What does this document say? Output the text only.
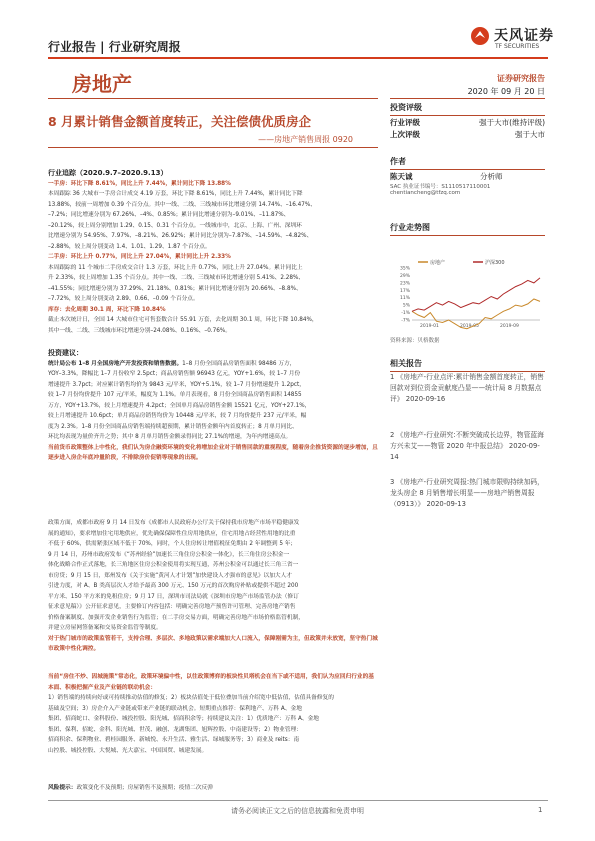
行业报告 | 行业研究周报
天风证券
TF SECURITIES
房地产	证券研究报告
2020 年 09 月 20 日
8 月累计销售金额首度转正，关注偿债优质房企
——房地产销售周报 0920
行业追踪（2020.9.7–2020.9.13）
一手房：环比下降 8.61%，同比上升 7.44%，累计同比下降 13.88%
本周跟踪 36 大城市一手房合计成交 4.19 万套，环比下降 8.61%，同比上升 7.44%，累计同比下降
13.88%，较前一周增加 0.39 个百分点。其中一线、二线、三线城市环比增速分别 14.74%、–16.47%、
–7.2%；同比增速分别为 67.26%、–4%、0.85%；累计同比增速分别为–9.01%、–11.87%、
–20.12%，较上周分别增加 1.29、0.15、0.31 个百分点。一线城市中，北京、上海、广州、深圳环
比增速分别为 54.95%、7.97%、–8.21%、26.92%；累计同比分别为–7.87%、–14.59%、–4.82%、
–2.88%，较上周分别变动 1.4、1.01、1.29、1.87 个百分点。
二手房：环比上升 0.77%，同比上升 27.04%，累计同比上升 2.33%
本周跟踪的 11 个城市二手房成交合计 1.3 万套，环比上升 0.77%，同比上升 27.04%。累计同比上
升 2.33%，较上周增加 1.35 个百分点。其中一线、二线、三线城市环比增速分别 5.41%、2.28%、
–41.55%；同比增速分别为 37.29%、21.18%、0.81%；累计同比增速分别为 20.66%、–8.8%、
–7.72%，较上周分别变动 2.89、0.66、–0.09 个百分点。
库存：去化周期 30.1 周，环比下降 10.84%
截止本次统计日，全国 14 大城市住宅可售套数合计 55.91 万套，去化周期 30.1 周，环比下降 10.84%，
其中一线、二线、三线城市环比增速分别–24.08%、0.16%、–0.76%。
投资建议：
统计局公布 1–8 月全国房地产开发投资和销售数据。1–8 月份全国商品房销售面积 98486 万方，
YOY–3.3%，降幅比 1–7 月份收窄 2.5pct；商品房销售额 96943 亿元，YOY+1.6%，较 1–7 月份
增速提升 3.7pct；对应累计销售均价为 9843 元/平米，YOY+5.1%，较 1–7 月份增速提升 1.2pct，
较 1–7 月份均价提升 107 元/平米，幅度为 1.1%。单月表现看，8 月份全国商品房销售面积 14855
万方，YOY+13.7%，较上月增速提升 4.2pct；全国单月商品房销售金额 15521 亿元，YOY+27.1%，
较上月增速提升 10.6pct；单月商品房销售均价为 10448 元/平米，较 7 月均价提升 237 元/平米，幅
度为 2.3%。1–8 月份全国商品房销售端持续超预期，累计销售金额年内首度转正；8 月单月同比、
环比均表现为量价齐升之势；其中 8 月单月销售金额录得同比 27.1%的增速，为年内增速高点。
当前货币政策整体上中性化，我们认为房企融资环境的变化将增加企业对于销售回款的重视程度，随着房企推货资源的逐步增加，且逐步进入房企年底冲量阶段，不排除房价促销等现象的出现。
政策方面，成都市政府 9 月 14 日发布《成都市人民政府办公厅关于保持我市房地产市场平稳健康发
展的通知》，要求增加住宅用地供应，优先确保保障性住房用地供应，住宅用地占经营性用地的比重
不低于 60%，供需紧张区域不低于 70%，同时，个人住房转让增值税征免期由 2 年调整到 5 年；
9 月 14 日，苏州市政府发布《“苏州经验”加速长三角住房公积金一体化》，长三角住房公积金一
体化战略合作正式落地，长三角地区住房公积金使用将实现互通，苏州公积金可以通过长三角三省一
市房贷；9 月 15 日，郑州发布《关于实施“黄河人才计划”加快建设人才强市的意见》以加大人才
引进力度，对 A、B 类高层次人才给予最高 300 万元、150 万元的首次购房补贴或提供不超过 200
平方米、150 平方米的免租住房；9 月 17 日，深圳市司法局就《深圳市房地产市场监管办法（修订
征求意见稿）》公开征求意见，主要修订内容包括：明确完善房地产预售许可管理、完善房地产销售
价格备案制度、加强开发企业销售行为监管；在二手房交易方面，明确完善房地产市场价格监管机制，
并建立房屋网签备案和交易资金监管等制度。
对于热门城市的政策监管若干，支持合理、多层次、多地政策以需求端加大人口流入，保障刚需为主，但政策并未放宽，坚守热门城市政策中性化调控。
当前“房住不炒、因城施策”常态化，政策环境偏中性，以往政策博弈的板块性贝塔机会在当下或不适用，我们认为应回归行业的基本面、积极把握产业及产业链的联动机会：
1）销售端的持续向好或可持续推动估值的修复；2）板块估值处于低位叠加当前介绍宽中低估值，估值具备修复的
基础及空间；3）房企介入产业链或带来产业链的联动机会。短期重点推荐：保利地产、万科 A、金地
集团、招商蛇口、金科股份、城投控股、阳光城、招商积余等；持续建议关注：1）优质地产：万科 A、金地
集团、保利、招蛇、金科、阳光城、世茂、融创、龙湖集团、旭辉控股、中南建设等；2）物业管理：
招商积余、保利物业、碧桂园服务、新城悦、永升生活、雅生活、绿城服务等；3）商业及 reits：南
山控股、城投控股、大悦城、光大嘉宝、中国国贸、城建发展。
风险提示：政策变化不及预期；房屋销售不及预期；疫情二次反弹
投资评级
行业评级	强于大市(维持评级)
上次评级	强于大市
作者
陈天诚	分析师
SAC 执业证书编号：S1110517110001
chentiancheng@tfzq.com
行业走势图
房地产	沪深300
35%
29%
23%
17%
11%
5%
-1%
-7%
2019-01	2019-05	2019-09
资料来源：贝格数据
相关报告
1 《房地产-行业点评:累计销售金额首度转正，销售回款对到位资金贡献度凸显——统计局 8 月数据点评》 2020-09-16
2 《房地产-行业研究:不断突破成长边界，物管蓝海方兴未艾——物管 2020 年中报总结》 2020-09-14
3 《房地产-行业研究周报:热门城市限购持续加码，龙头房企 8 月销售增长明显——房地产销售周报（0913）》 2020-09-13
请务必阅读正文之后的信息披露和免责申明	1
